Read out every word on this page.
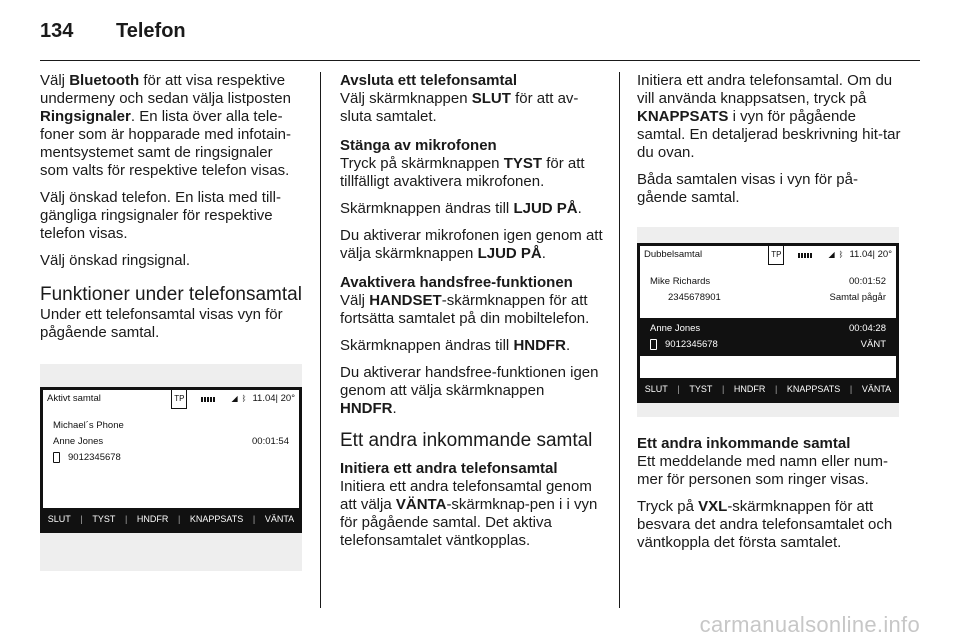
134	Telefon

Välj Bluetooth för att visa respektive undermeny och sedan välja listposten Ringsignaler. En lista över alla tele-foner som är hopparade med infotain-mentsystemet samt de ringsignaler som valts för respektive telefon visas.

Välj önskad telefon. En lista med till-gängliga ringsignaler för respektive telefon visas.

Välj önskad ringsignal.

Funktioner under telefonsamtal

Under ett telefonsamtal visas vyn för pågående samtal.

Aktivt samtal	TP	◢ ᛒ 11.04| 20°
Michael´s Phone
Anne Jones	00:01:54
9012345678
SLUT | TYST | HNDFR | KNAPPSATS | VÄNTA
Avsluta ett telefonsamtal

Välj skärmknappen SLUT för att av-sluta samtalet.

Stänga av mikrofonen

Tryck på skärmknappen TYST för att tillfälligt avaktivera mikrofonen.

Skärmknappen ändras till LJUD PÅ.

Du aktiverar mikrofonen igen genom att välja skärmknappen LJUD PÅ.

Avaktivera handsfree-funktionen

Välj HANDSET-skärmknappen för att fortsätta samtalet på din mobiltelefon.

Skärmknappen ändras till HNDFR.

Du aktiverar handsfree-funktionen igen genom att välja skärmknappen HNDFR.

Ett andra inkommande samtal
Initiera ett andra telefonsamtal

Initiera ett andra telefonsamtal genom att välja VÄNTA-skärmknap-pen i i vyn för pågående samtal. Det aktiva telefonsamtalet väntkopplas.

Initiera ett andra telefonsamtal. Om du vill använda knappsatsen, tryck på KNAPPSATS i vyn för pågående samtal. En detaljerad beskrivning hit-tar du ovan.

Båda samtalen visas i vyn för på-gående samtal.

Dubbelsamtal	TP	◢ ᛒ 11.04| 20°
Mike Richards	00:01:52
2345678901	Samtal pågår
Anne Jones	00:04:28
9012345678	VÄNT
SLUT | TYST | HNDFR | KNAPPSATS | VÄNTA
Ett andra inkommande samtal

Ett meddelande med namn eller num-mer för personen som ringer visas.

Tryck på VXL-skärmknappen för att besvara det andra telefonsamtalet och väntkoppla det första samtalet.

carmanualsonline.info
